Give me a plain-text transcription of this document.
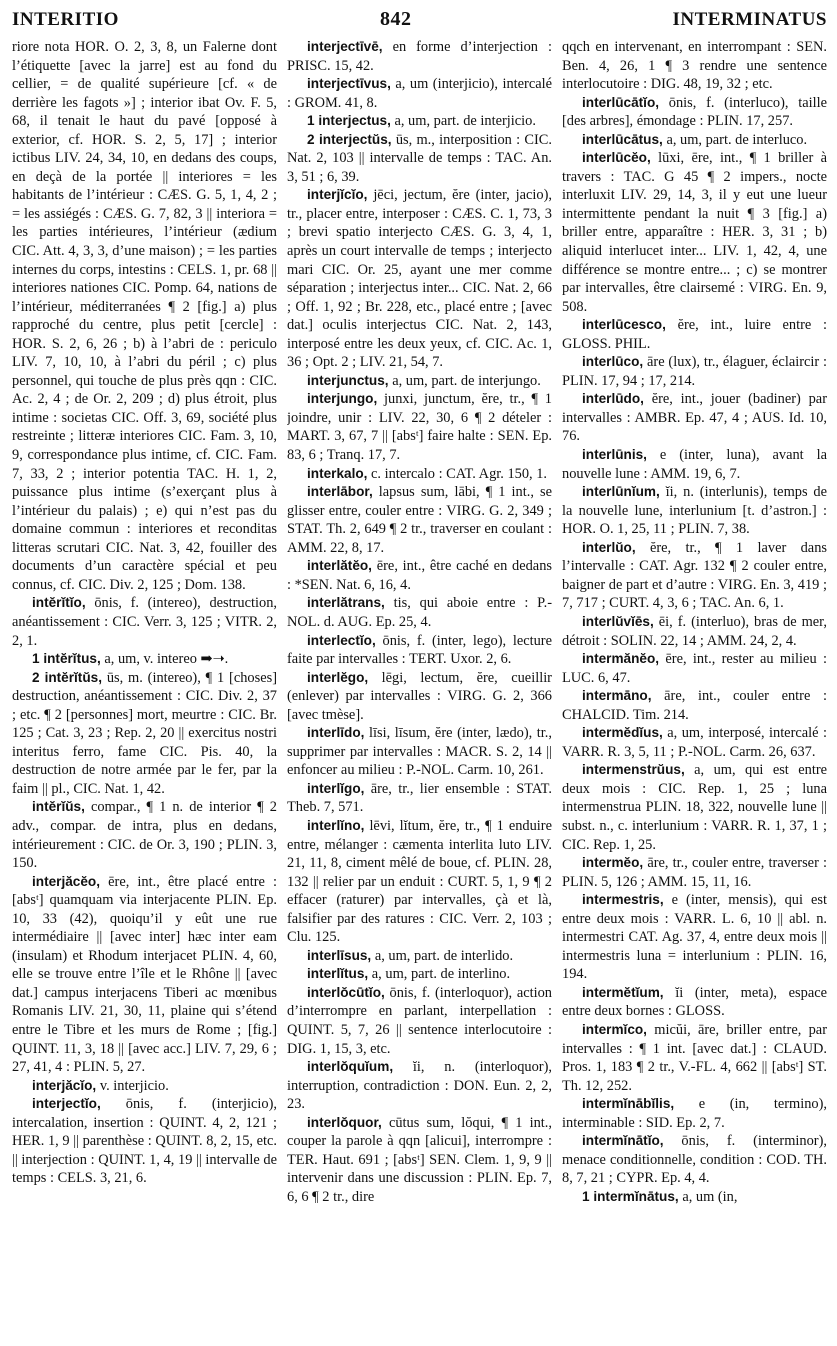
INTERITIO	842	INTERMINATUS

riore nota HOR. O. 2, 3, 8, un Falerne dont l’étiquette [avec la jarre] est au fond du cellier, = de qualité supérieure [cf. « de derrière les fagots »] ; interior ibat Ov. F. 5, 68, il tenait le haut du pavé [opposé à exterior, cf. HOR. S. 2, 5, 17] ; interior ictibus LIV. 24, 34, 10, en dedans des coups, en deçà de la portée || interiores = les habitants de l’intérieur : CÆS. G. 5, 1, 4, 2 ; = les assiégés : CÆS. G. 7, 82, 3 || interiora = les parties intérieures, l’intérieur (ædium CIC. Att. 4, 3, 3, d’une maison) ; = les parties internes du corps, intestins : CELS. 1, pr. 68 || interiores nationes CIC. Pomp. 64, nations de l’intérieur, méditerranées ¶ 2 [fig.] a) plus rapproché du centre, plus petit [cercle] : HOR. S. 2, 6, 26 ; b) à l’abri de : periculo LIV. 7, 10, 10, à l’abri du péril ; c) plus personnel, qui touche de plus près qqn : CIC. Ac. 2, 4 ; de Or. 2, 209 ; d) plus étroit, plus intime : societas CIC. Off. 3, 69, société plus restreinte ; litteræ interiores CIC. Fam. 3, 10, 9, correspondance plus intime, cf. CIC. Fam. 7, 33, 2 ; interior potentia TAC. H. 1, 2, puissance plus intime (s’exerçant plus à l’intérieur du palais) ; e) qui n’est pas du domaine commun : interiores et reconditas litteras scrutari CIC. Nat. 3, 42, fouiller des documents d’un caractère spécial et peu connus, cf. CIC. Div. 2, 125 ; Dom. 138.

intĕrĭtĭo, ōnis, f. (intereo), destruction, anéantissement : CIC. Verr. 3, 125 ; VITR. 2, 2, 1.

1 intĕrĭtus, a, um, v. intereo ➡➝.

2 intĕrĭtŭs, ūs, m. (intereo), ¶ 1 [choses] destruction, anéantissement : CIC. Div. 2, 37 ; etc. ¶ 2 [personnes] mort, meurtre : CIC. Br. 125 ; Cat. 3, 23 ; Rep. 2, 20 || exercitus nostri interitus ferro, fame CIC. Pis. 40, la destruction de notre armée par le fer, par la faim || pl., CIC. Nat. 1, 42.

intĕrĭŭs, compar., ¶ 1 n. de interior ¶ 2 adv., compar. de intra, plus en dedans, intérieurement : CIC. de Or. 3, 190 ; PLIN. 3, 150.

interjăcĕo, ēre, int., être placé entre : [absᵗ] quamquam via interjacente PLIN. Ep. 10, 33 (42), quoiqu’il y eût une rue intermédiaire || [avec inter] hæc inter eam (insulam) et Rhodum interjacet PLIN. 4, 60, elle se trouve entre l’île et le Rhône || [avec dat.] campus interjacens Tiberi ac mœnibus Romanis LIV. 21, 30, 11, plaine qui s’étend entre le Tibre et les murs de Rome ; [fig.] QUINT. 11, 3, 18 || [avec acc.] LIV. 7, 29, 6 ; 27, 41, 4 : PLIN. 5, 27.

interjăcĭo, v. interjicio.

interjectĭo, ōnis, f. (interjicio), intercalation, insertion : QUINT. 4, 2, 121 ; HER. 1, 9 || parenthèse : QUINT. 8, 2, 15, etc. || interjection : QUINT. 1, 4, 19 || intervalle de temps : CELS. 3, 21, 6.

interjectīvē, en forme d’interjection : PRISC. 15, 42.

interjectīvus, a, um (interjicio), intercalé : GROM. 41, 8.

1 interjectus, a, um, part. de interjicio.

2 interjectŭs, ūs, m., interposition : CIC. Nat. 2, 103 || intervalle de temps : TAC. An. 3, 51 ; 6, 39.

interjĭcĭo, jēci, jectum, ĕre (inter, jacio), tr., placer entre, interposer : CÆS. C. 1, 73, 3 ; brevi spatio interjecto CÆS. G. 3, 4, 1, après un court intervalle de temps ; interjecto mari CIC. Or. 25, ayant une mer comme séparation ; interjectus inter... CIC. Nat. 2, 66 ; Off. 1, 92 ; Br. 228, etc., placé entre ; [avec dat.] oculis interjectus CIC. Nat. 2, 143, interposé entre les deux yeux, cf. CIC. Ac. 1, 36 ; Opt. 2 ; LIV. 21, 54, 7.

interjunctus, a, um, part. de interjungo.

interjungo, junxi, junctum, ĕre, tr., ¶ 1 joindre, unir : LIV. 22, 30, 6 ¶ 2 dételer : MART. 3, 67, 7 || [absᵗ] faire halte : SEN. Ep. 83, 6 ; Tranq. 17, 7.

interkalo, c. intercalo : CAT. Agr. 150, 1.

interlābor, lapsus sum, lābi, ¶ 1 int., se glisser entre, couler entre : VIRG. G. 2, 349 ; STAT. Th. 2, 649 ¶ 2 tr., traverser en coulant : AMM. 22, 8, 17.

interlătĕo, ēre, int., être caché en dedans : *SEN. Nat. 6, 16, 4.

interlătrans, tis, qui aboie entre : P.-NOL. d. AUG. Ep. 25, 4.

interlectĭo, ōnis, f. (inter, lego), lecture faite par intervalles : TERT. Uxor. 2, 6.

interlĕgo, lēgi, lectum, ĕre, cueillir (enlever) par intervalles : VIRG. G. 2, 366 [avec tmèse].

interlīdo, līsi, līsum, ĕre (inter, lædo), tr., supprimer par intervalles : MACR. S. 2, 14 || enfoncer au milieu : P.-NOL. Carm. 10, 261.

interlĭgo, āre, tr., lier ensemble : STAT. Theb. 7, 571.

interlĭno, lēvi, lĭtum, ĕre, tr., ¶ 1 enduire entre, mélanger : cæmenta interlita luto LIV. 21, 11, 8, ciment mêlé de boue, cf. PLIN. 28, 132 || relier par un enduit : CURT. 5, 1, 9 ¶ 2 effacer (raturer) par intervalles, çà et là, falsifier par des ratures : CIC. Verr. 2, 103 ; Clu. 125.

interlīsus, a, um, part. de interlido.

interlĭtus, a, um, part. de interlino.

interlŏcūtĭo, ōnis, f. (interloquor), action d’interrompre en parlant, interpellation : QUINT. 5, 7, 26 || sentence interlocutoire : DIG. 1, 15, 3, etc.

interlŏquĭum, ĭi, n. (interloquor), interruption, contradiction : DON. Eun. 2, 2, 23.

interlŏquor, cūtus sum, lŏqui, ¶ 1 int., couper la parole à qqn [alicui], interrompre : TER. Haut. 691 ; [absᵗ] SEN. Clem. 1, 9, 9 || intervenir dans une discussion : PLIN. Ep. 7, 6, 6 ¶ 2 tr., dire

qqch en intervenant, en interrompant : SEN. Ben. 4, 26, 1 ¶ 3 rendre une sentence interlocutoire : DIG. 48, 19, 32 ; etc.

interlūcātĭo, ōnis, f. (interluco), taille [des arbres], émondage : PLIN. 17, 257.

interlūcātus, a, um, part. de interluco.

interlūcĕo, lūxi, ēre, int., ¶ 1 briller à travers : TAC. G 45 ¶ 2 impers., nocte interluxit LIV. 29, 14, 3, il y eut une lueur intermittente pendant la nuit ¶ 3 [fig.] a) briller entre, apparaître : HER. 3, 31 ; b) aliquid interlucet inter... LIV. 1, 42, 4, une différence se montre entre... ; c) se montrer par intervalles, être clairsemé : VIRG. En. 9, 508.

interlūcesco, ĕre, int., luire entre : GLOSS. PHIL.

interlūco, āre (lux), tr., élaguer, éclaircir : PLIN. 17, 94 ; 17, 214.

interlūdo, ĕre, int., jouer (badiner) par intervalles : AMBR. Ep. 47, 4 ; AUS. Id. 10, 76.

interlūnis, e (inter, luna), avant la nouvelle lune : AMM. 19, 6, 7.

interlūnĭum, ĭi, n. (interlunis), temps de la nouvelle lune, interlunium [t. d’astron.] : HOR. O. 1, 25, 11 ; PLIN. 7, 38.

interlŭo, ĕre, tr., ¶ 1 laver dans l’intervalle : CAT. Agr. 132 ¶ 2 couler entre, baigner de part et d’autre : VIRG. En. 3, 419 ; 7, 717 ; CURT. 4, 3, 6 ; TAC. An. 6, 1.

interlŭvĭēs, ēi, f. (interluo), bras de mer, détroit : SOLIN. 22, 14 ; AMM. 24, 2, 4.

intermănĕo, ēre, int., rester au milieu : LUC. 6, 47.

intermāno, āre, int., couler entre : CHALCID. Tim. 214.

intermĕdĭus, a, um, interposé, intercalé : VARR. R. 3, 5, 11 ; P.-NOL. Carm. 26, 637.

intermenstrŭus, a, um, qui est entre deux mois : CIC. Rep. 1, 25 ; luna intermenstrua PLIN. 18, 322, nouvelle lune || subst. n., c. interlunium : VARR. R. 1, 37, 1 ; CIC. Rep. 1, 25.

intermĕo, āre, tr., couler entre, traverser : PLIN. 5, 126 ; AMM. 15, 11, 16.

intermestris, e (inter, mensis), qui est entre deux mois : VARR. L. 6, 10 || abl. n. intermestri CAT. Ag. 37, 4, entre deux mois || intermestris luna = interlunium : PLIN. 16, 194.

intermĕtĭum, ĭi (inter, meta), espace entre deux bornes : GLOSS.

intermĭco, micŭi, āre, briller entre, par intervalles : ¶ 1 int. [avec dat.] : CLAUD. Pros. 1, 183 ¶ 2 tr., V.-FL. 4, 662 || [absᵗ] ST. Th. 12, 252.

intermĭnābĭlis, e (in, termino), interminable : SID. Ep. 2, 7.

intermĭnātĭo, ōnis, f. (interminor), menace conditionnelle, condition : COD. TH. 8, 7, 21 ; CYPR. Ep. 4, 4.

1 intermĭnātus, a, um (in,
